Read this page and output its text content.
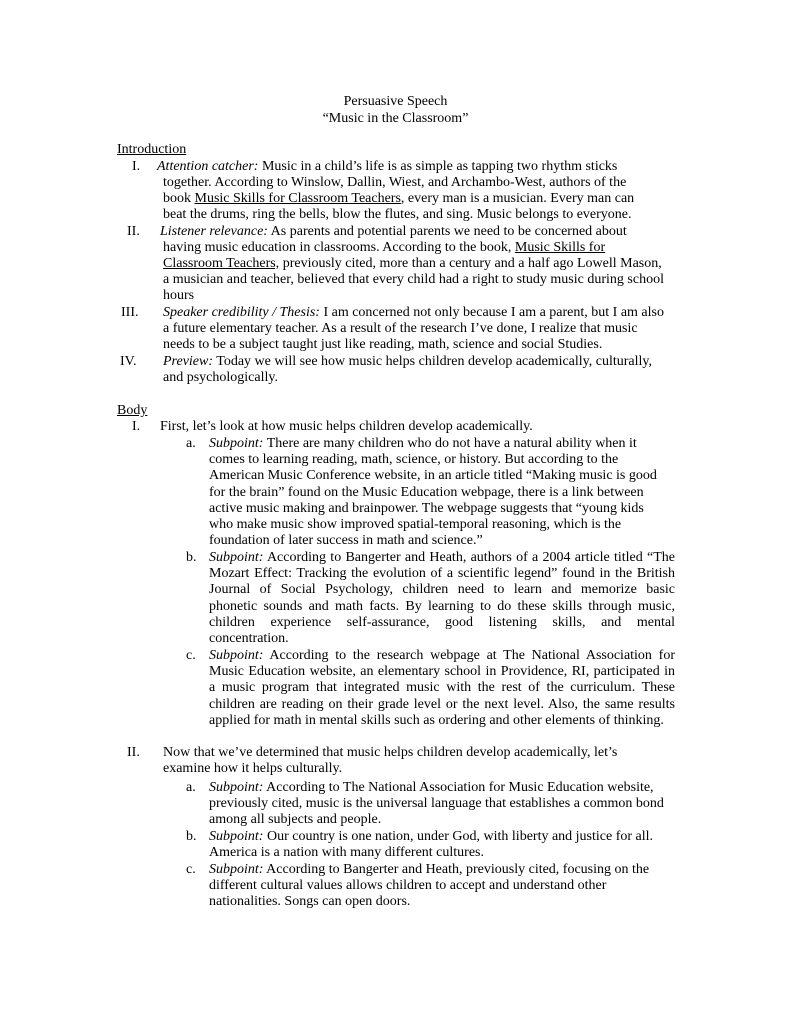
Persuasive Speech
“Music in the Classroom”
Introduction
I.	Attention catcher: Music in a child’s life is as simple as tapping two rhythm sticks
together. According to Winslow, Dallin, Wiest, and Archambo-West, authors of the
book Music Skills for Classroom Teachers, every man is a musician. Every man can
beat the drums, ring the bells, blow the flutes, and sing. Music belongs to everyone.
II.	Listener relevance: As parents and potential parents we need to be concerned about
having music education in classrooms. According to the book, Music Skills for
Classroom Teachers, previously cited, more than a century and a half ago Lowell Mason,
a musician and teacher, believed that every child had a right to study music during school
hours
III.	Speaker credibility / Thesis: I am concerned not only because I am a parent, but I am also
a future elementary teacher. As a result of the research I’ve done, I realize that music
needs to be a subject taught just like reading, math, science and social Studies.
IV.	Preview: Today we will see how music helps children develop academically, culturally,
and psychologically.
Body
I.	First, let’s look at how music helps children develop academically.
a. Subpoint: There are many children who do not have a natural ability when it
comes to learning reading, math, science, or history. But according to the
American Music Conference website, in an article titled “Making music is good
for the brain” found on the Music Education webpage, there is a link between
active music making and brainpower. The webpage suggests that “young kids
who make music show improved spatial-temporal reasoning, which is the
foundation of later success in math and science.”
b. Subpoint: According to Bangerter and Heath, authors of a 2004 article titled “The
Mozart Effect: Tracking the evolution of a scientific legend” found in the British
Journal of Social Psychology, children need to learn and memorize basic
phonetic sounds and math facts. By learning to do these skills through music,
children experience self-assurance, good listening skills, and mental
concentration.
c. Subpoint: According to the research webpage at The National Association for
Music Education website, an elementary school in Providence, RI, participated in
a music program that integrated music with the rest of the curriculum. These
children are reading on their grade level or the next level. Also, the same results
applied for math in mental skills such as ordering and other elements of thinking.
II.	Now that we’ve determined that music helps children develop academically, let’s
examine how it helps culturally.
a. Subpoint: According to The National Association for Music Education website,
previously cited, music is the universal language that establishes a common bond
among all subjects and people.
b. Subpoint: Our country is one nation, under God, with liberty and justice for all.
America is a nation with many different cultures.
c. Subpoint: According to Bangerter and Heath, previously cited, focusing on the
different cultural values allows children to accept and understand other
nationalities. Songs can open doors.
